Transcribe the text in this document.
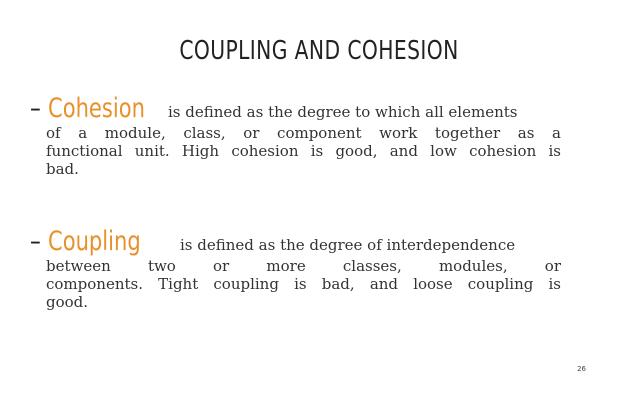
COUPLING AND COHESION
– Cohesion is defined as the degree to which all elements
of a module, class, or component work together as a
functional unit. High cohesion is good, and low cohesion is
bad.
– Coupling	is defined as the degree of interdependence
between two or more classes, modules, or
components. Tight coupling is bad, and loose coupling is
good.
26
